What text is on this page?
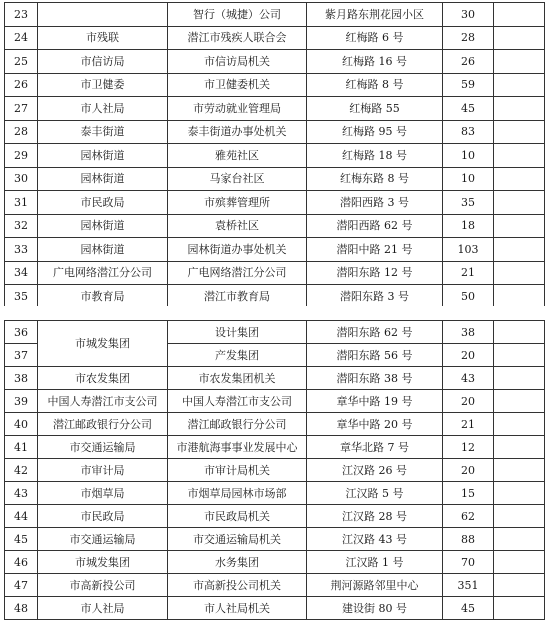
23		智行（城捷）公司	紫月路东荆花园小区	30	
24	市残联	潜江市残疾人联合会	红梅路 6 号	28	
25	市信访局	市信访局机关	红梅路 16 号	26	
26	市卫健委	市卫健委机关	红梅路 8 号	59	
27	市人社局	市劳动就业管理局	红梅路 55	45	
28	泰丰街道	泰丰街道办事处机关	红梅路 95 号	83	
29	园林街道	雅苑社区	红梅路 18 号	10	
30	园林街道	马家台社区	红梅东路 8 号	10	
31	市民政局	市殡葬管理所	潜阳西路 3 号	35	
32	园林街道	袁桥社区	潜阳西路 62 号	18	
33	园林街道	园林街道办事处机关	潜阳中路 21 号	103	
34	广电网络潜江分公司	广电网络潜江分公司	潜阳东路 12 号	21	
35	市教育局	潜江市教育局	潜阳东路 3 号	50	
36	市城发集团	设计集团	潜阳东路 62 号	38	
37		产发集团	潜阳东路 56 号	20	
38	市农发集团	市农发集团机关	潜阳东路 38 号	43	
39	中国人寿潜江市支公司	中国人寿潜江市支公司	章华中路 19 号	20	
40	潜江邮政银行分公司	潜江邮政银行分公司	章华中路 20 号	21	
41	市交通运输局	市港航海事事业发展中心	章华北路 7 号	12	
42	市审计局	市审计局机关	江汉路 26 号	20	
43	市烟草局	市烟草局园林市场部	江汉路 5 号	15	
44	市民政局	市民政局机关	江汉路 28 号	62	
45	市交通运输局	市交通运输局机关	江汉路 43 号	88	
46	市城发集团	水务集团	江汉路 1 号	70	
47	市高新投公司	市高新投公司机关	荆河源路邻里中心	351	
48	市人社局	市人社局机关	建设街 80 号	45	
